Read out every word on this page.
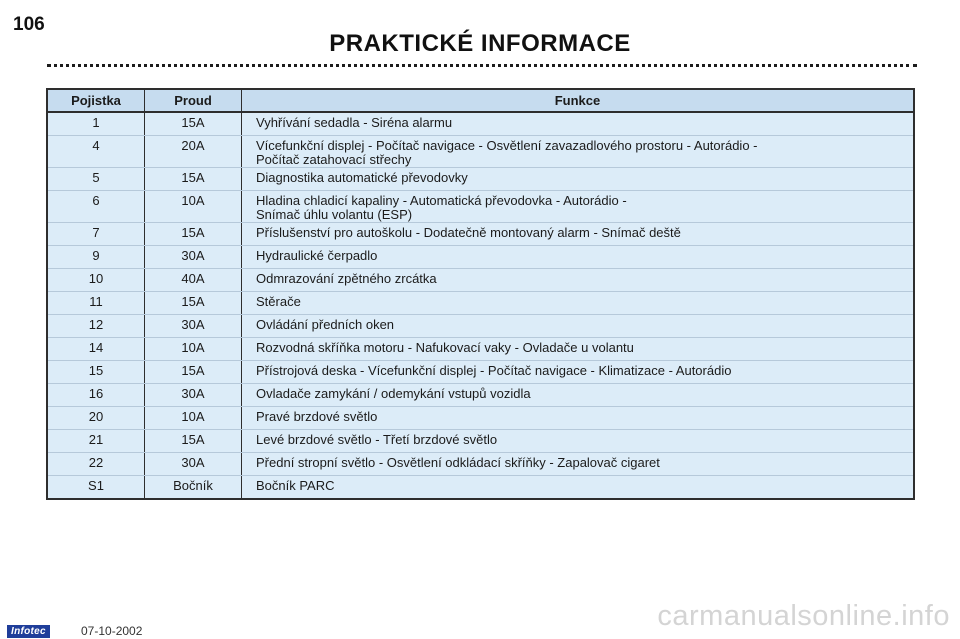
106
PRAKTICKÉ INFORMACE
Pojistka	Proud	Funkce
1	15A	Vyhřívání sedadla - Siréna alarmu
4	20A	Vícefunkční displej - Počítač navigace - Osvětlení zavazadlového prostoru - Autorádio -
Počítač zatahovací střechy

5	15A	Diagnostika automatické převodovky
6	10A	Hladina chladicí kapaliny - Automatická převodovka - Autorádio -
Snímač úhlu volantu (ESP)

7	15A	Příslušenství pro autoškolu - Dodatečně montovaný alarm - Snímač deště
9	30A	Hydraulické čerpadlo
10	40A	Odmrazování zpětného zrcátka
11	15A	Stěrače
12	30A	Ovládání předních oken
14	10A	Rozvodná skříňka motoru - Nafukovací vaky - Ovladače u volantu
15	15A	Přístrojová deska - Vícefunkční displej - Počítač navigace - Klimatizace - Autorádio
16	30A	Ovladače zamykání / odemykání vstupů vozidla
20	10A	Pravé brzdové světlo
21	15A	Levé brzdové světlo - Třetí brzdové světlo
22	30A	Přední stropní světlo - Osvětlení odkládací skříňky - Zapalovač cigaret
S1	Bočník	Bočník PARC
Infotec	07-10-2002	carmanualsonline.info
